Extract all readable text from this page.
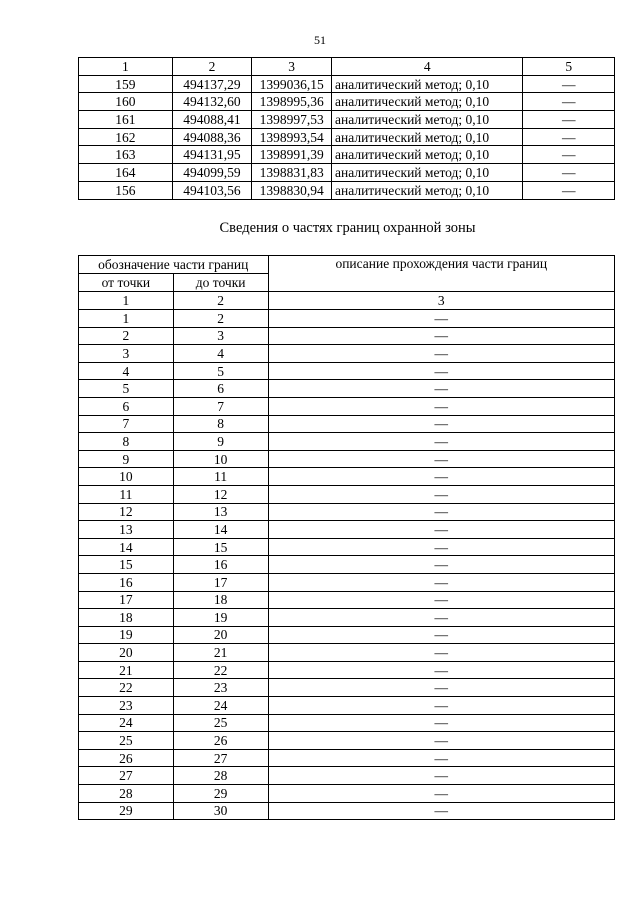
51
1	2	3	4	5
159	494137,29	1399036,15	аналитический метод; 0,10	—
160	494132,60	1398995,36	аналитический метод; 0,10	—
161	494088,41	1398997,53	аналитический метод; 0,10	—
162	494088,36	1398993,54	аналитический метод; 0,10	—
163	494131,95	1398991,39	аналитический метод; 0,10	—
164	494099,59	1398831,83	аналитический метод; 0,10	—
156	494103,56	1398830,94	аналитический метод; 0,10	—
Сведения о частях границ охранной зоны
обозначение части границ		описание прохождения части границ
от точки	до точки	
1	2	3
1	2	—
2	3	—
3	4	—
4	5	—
5	6	—
6	7	—
7	8	—
8	9	—
9	10	—
10	11	—
11	12	—
12	13	—
13	14	—
14	15	—
15	16	—
16	17	—
17	18	—
18	19	—
19	20	—
20	21	—
21	22	—
22	23	—
23	24	—
24	25	—
25	26	—
26	27	—
27	28	—
28	29	—
29	30	—
